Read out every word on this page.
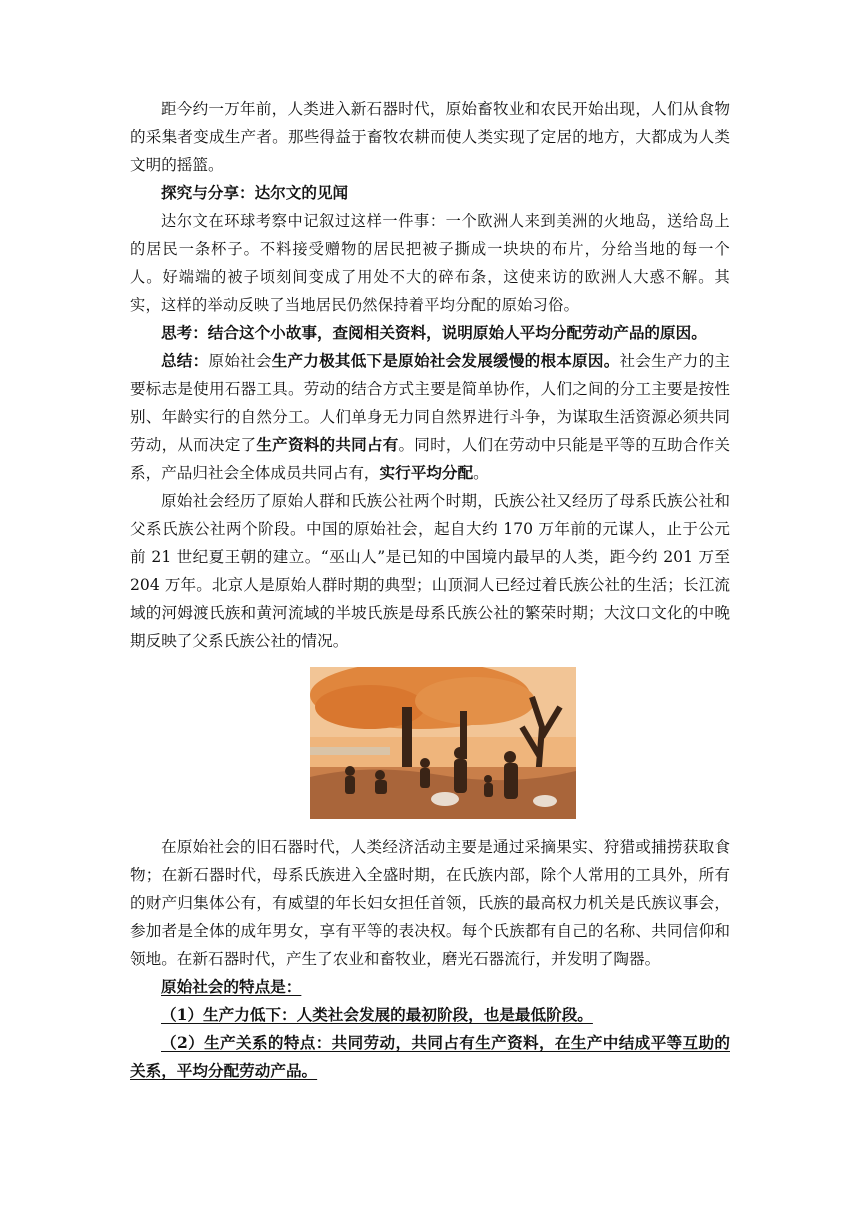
距今约一万年前，人类进入新石器时代，原始畜牧业和农民开始出现，人们从食物的采集者变成生产者。那些得益于畜牧农耕而使人类实现了定居的地方，大都成为人类文明的摇篮。

探究与分享：达尔文的见闻

达尔文在环球考察中记叙过这样一件事：一个欧洲人来到美洲的火地岛，送给岛上的居民一条杯子。不料接受赠物的居民把被子撕成一块块的布片，分给当地的每一个人。好端端的被子顷刻间变成了用处不大的碎布条，这使来访的欧洲人大惑不解。其实，这样的举动反映了当地居民仍然保持着平均分配的原始习俗。

思考：结合这个小故事，查阅相关资料，说明原始人平均分配劳动产品的原因。

总结：原始社会生产力极其低下是原始社会发展缓慢的根本原因。社会生产力的主要标志是使用石器工具。劳动的结合方式主要是简单协作，人们之间的分工主要是按性别、年龄实行的自然分工。人们单身无力同自然界进行斗争，为谋取生活资源必须共同劳动，从而决定了生产资料的共同占有。同时，人们在劳动中只能是平等的互助合作关系，产品归社会全体成员共同占有，实行平均分配。

原始社会经历了原始人群和氏族公社两个时期，氏族公社又经历了母系氏族公社和父系氏族公社两个阶段。中国的原始社会，起自大约 170 万年前的元谋人，止于公元前 21 世纪夏王朝的建立。“巫山人”是已知的中国境内最早的人类，距今约 201 万至 204 万年。北京人是原始人群时期的典型；山顶洞人已经过着氏族公社的生活；长江流域的河姆渡氏族和黄河流域的半坡氏族是母系氏族公社的繁荣时期；大汶口文化的中晚期反映了父系氏族公社的情况。

在原始社会的旧石器时代，人类经济活动主要是通过采摘果实、狩猎或捕捞获取食物；在新石器时代，母系氏族进入全盛时期，在氏族内部，除个人常用的工具外，所有的财产归集体公有，有威望的年长妇女担任首领，氏族的最高权力机关是氏族议事会，参加者是全体的成年男女，享有平等的表决权。每个氏族都有自己的名称、共同信仰和领地。在新石器时代，产生了农业和畜牧业，磨光石器流行，并发明了陶器。

原始社会的特点是：

（1）生产力低下：人类社会发展的最初阶段，也是最低阶段。

（2）生产关系的特点：共同劳动，共同占有生产资料，在生产中结成平等互助的关系，平均分配劳动产品。
